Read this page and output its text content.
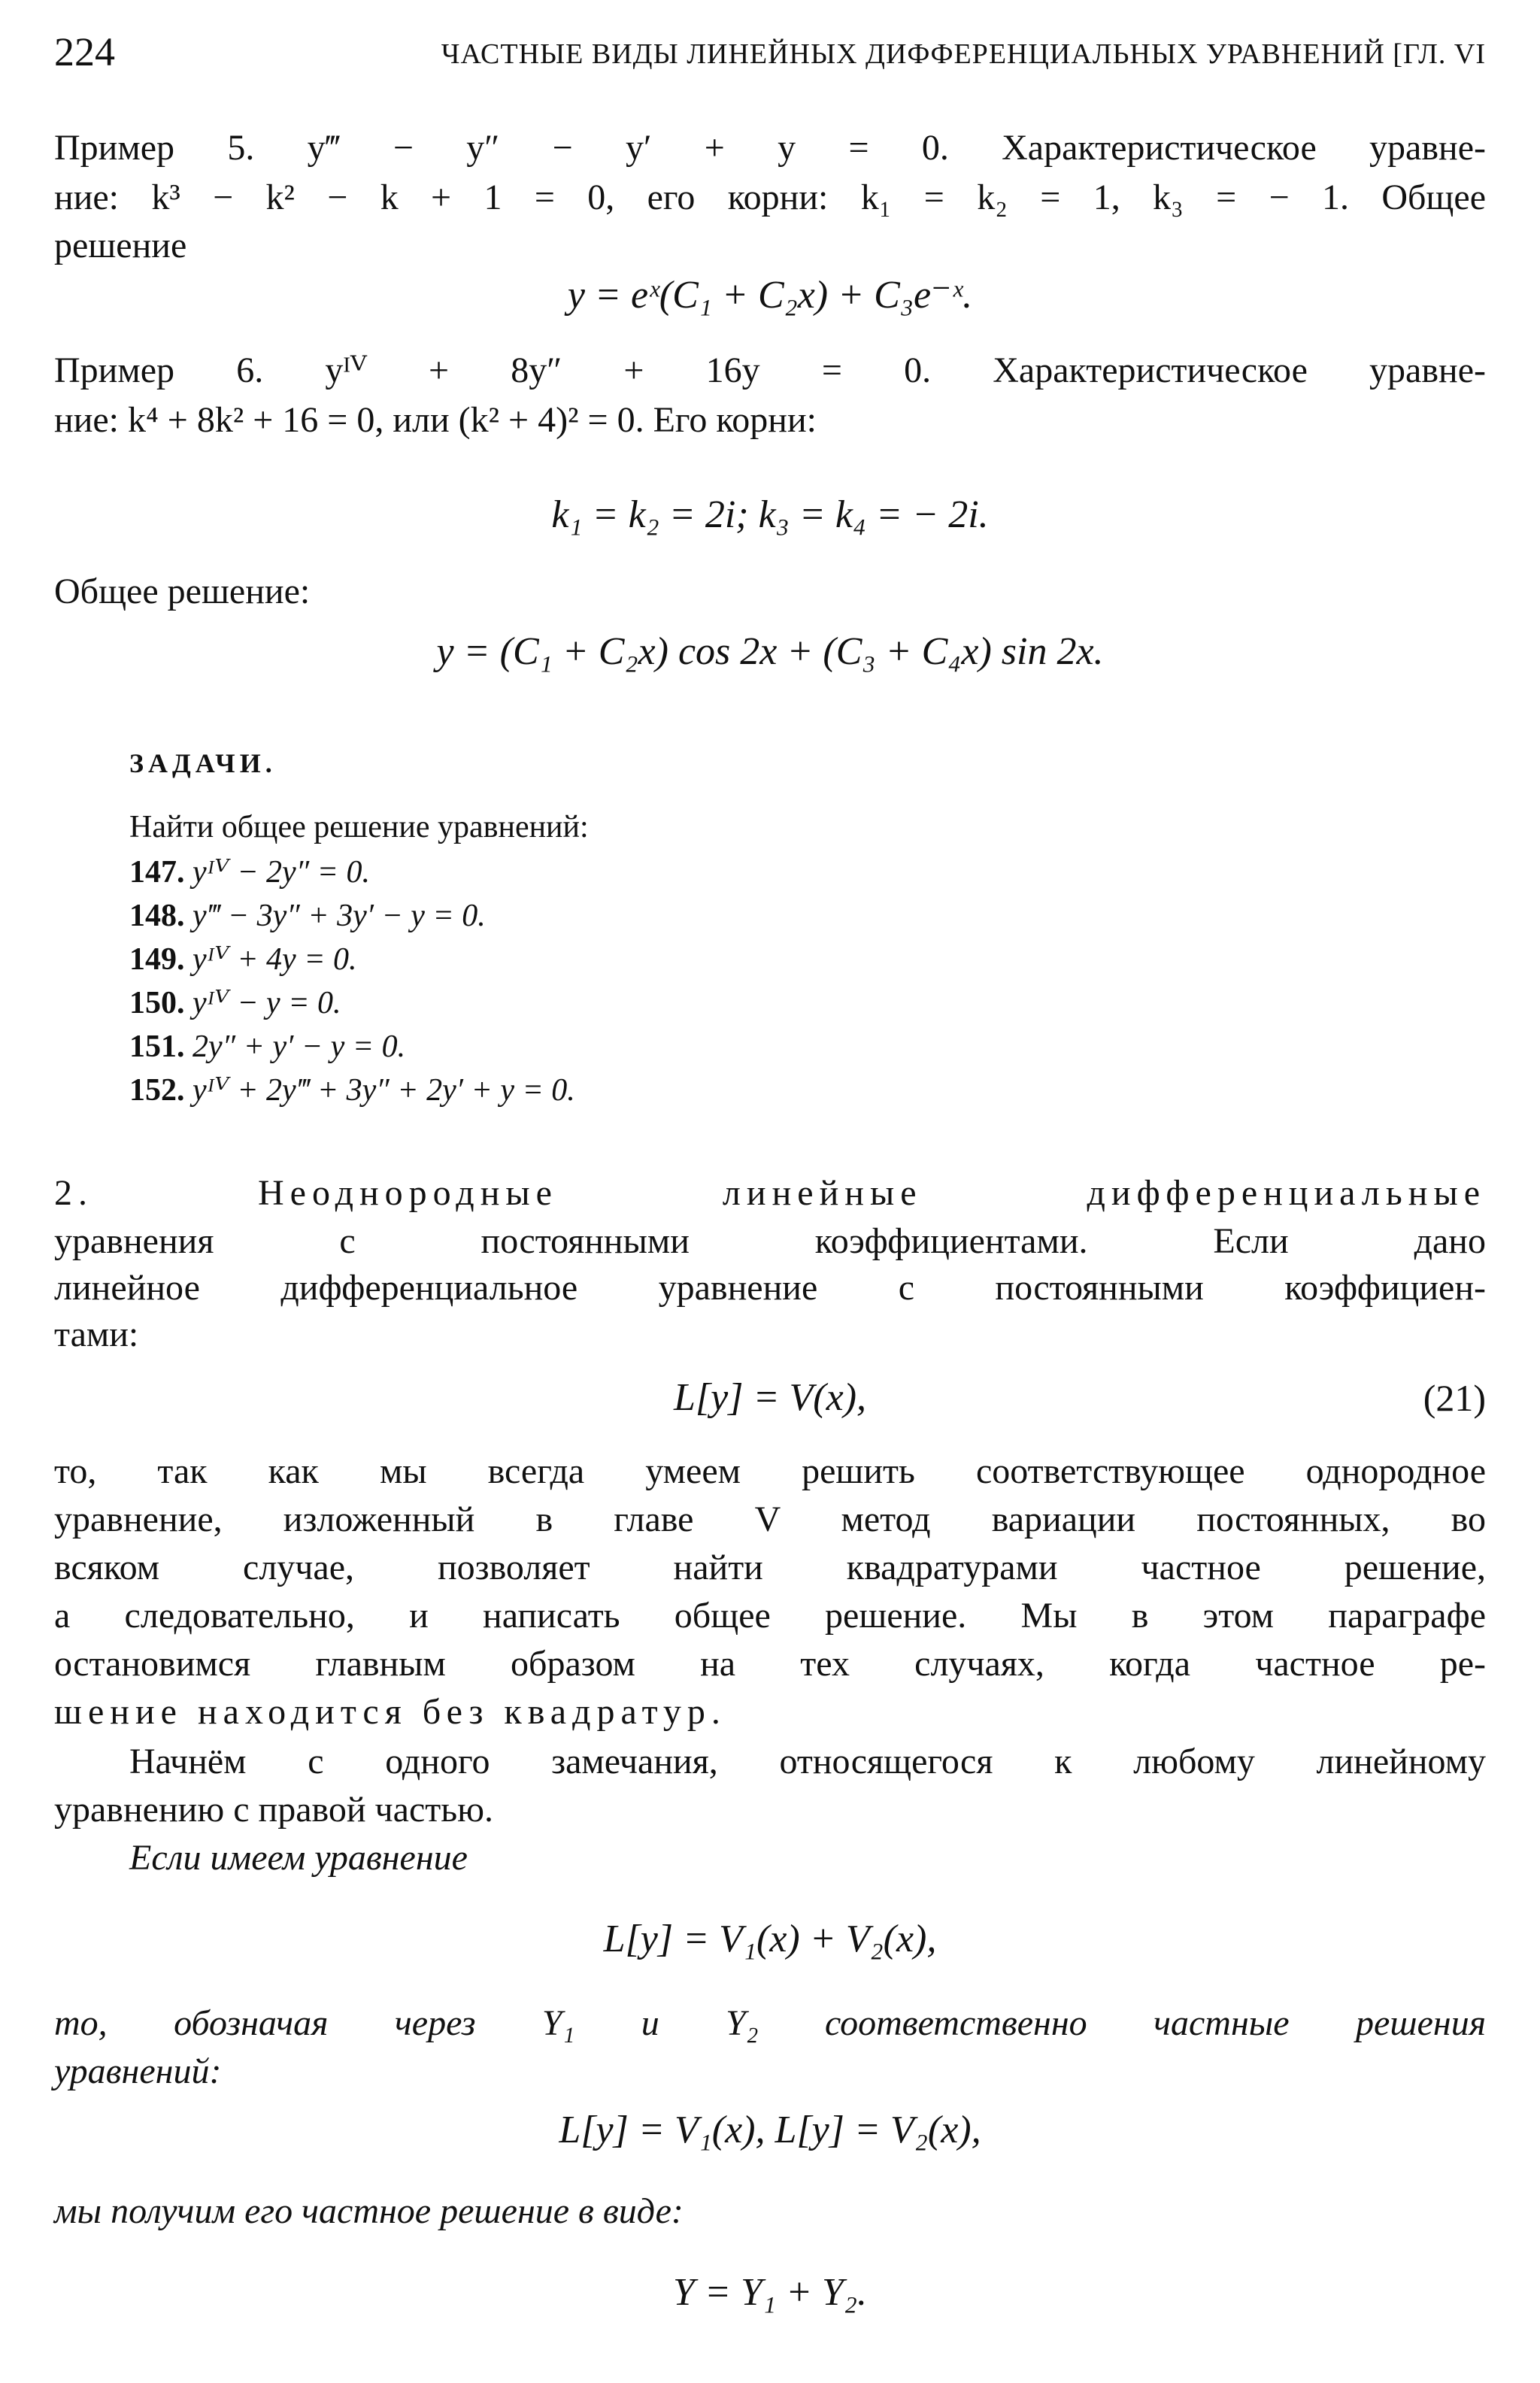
224	ЧАСТНЫЕ ВИДЫ ЛИНЕЙНЫХ ДИФФЕРЕНЦИАЛЬНЫХ УРАВНЕНИЙ [ГЛ. VI
Пример 5. y‴ − y″ − y′ + y = 0. Характеристическое уравне-
ние: k³ − k² − k + 1 = 0, его корни: k₁ = k₂ = 1, k₃ = − 1. Общее
решение
y = eˣ(C₁ + C₂x) + C₃e⁻ˣ.
Пример 6. yᴵⱽ + 8y″ + 16y = 0. Характеристическое уравне-
ние: k⁴ + 8k² + 16 = 0, или (k² + 4)² = 0. Его корни:
k₁ = k₂ = 2i; k₃ = k₄ = − 2i.
Общее решение:
y = (C₁ + C₂x) cos 2x + (C₃ + C₄x) sin 2x.
ЗАДАЧИ.
Найти общее решение уравнений:
147. yᴵⱽ − 2y″ = 0.
148. y‴ − 3y″ + 3y′ − y = 0.
149. yᴵⱽ + 4y = 0.
150. yᴵⱽ − y = 0.
151. 2y″ + y′ − y = 0.
152. yᴵⱽ + 2y‴ + 3y″ + 2y′ + y = 0.
2. Неоднородные линейные дифференциальные
уравнения с постоянными коэффициентами. Если дано
линейное дифференциальное уравнение с постоянными коэффициен-
тами:
L[y] = V(x),	(21)
то, так как мы всегда умеем решить соответствующее однородное
уравнение, изложенный в главе V метод вариации постоянных, во
всяком случае, позволяет найти квадратурами частное решение,
а следовательно, и написать общее решение. Мы в этом параграфе
остановимся главным образом на тех случаях, когда частное ре-
шение находится без квадратур.
Начнём с одного замечания, относящегося к любому линейному
уравнению с правой частью.
Если имеем уравнение
L[y] = V₁(x) + V₂(x),
то, обозначая через Y₁ и Y₂ соответственно частные решения
уравнений:
L[y] = V₁(x), L[y] = V₂(x),
мы получим его частное решение в виде:
Y = Y₁ + Y₂.
